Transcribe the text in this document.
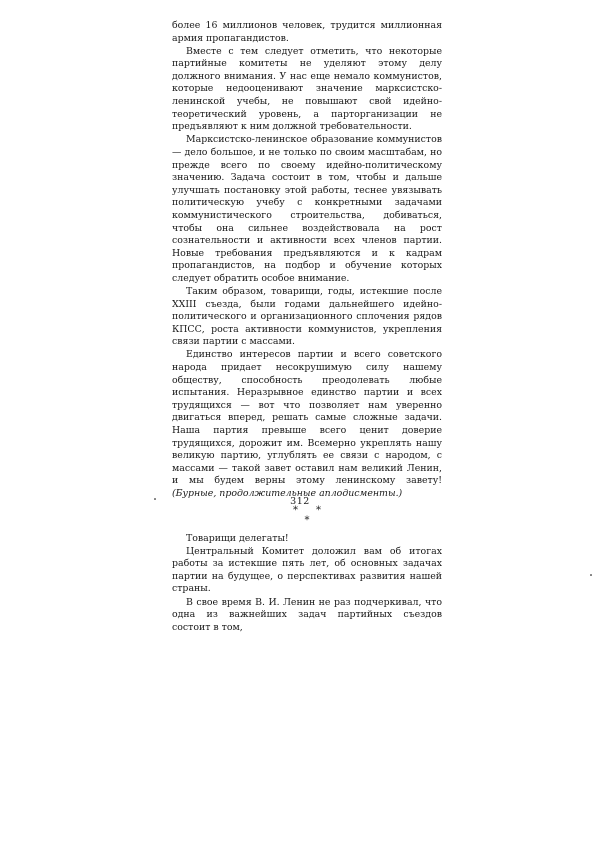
более 16 миллионов человек, трудится миллионная армия пропагандистов.

Вместе с тем следует отметить, что некоторые партийные комитеты не уделяют этому делу должного внимания. У нас еще немало коммунистов, которые недооценивают значение марксистско-ленинской учебы, не повышают свой идейно-теоретический уровень, а парторганизации не предъявляют к ним должной требовательности.

Марксистско-ленинское образование коммунистов — дело большое, и не только по своим масштабам, но прежде всего по своему идейно-политическому значению. Задача состоит в том, чтобы и дальше улучшать постановку этой работы, теснее увязывать политическую учебу с конкретными задачами коммунистического строительства, добиваться, чтобы она сильнее воздействовала на рост сознательности и активности всех членов партии. Новые требования предъявляются и к кадрам пропагандистов, на подбор и обучение которых следует обратить особое внимание.

Таким образом, товарищи, годы, истекшие после XXIII съезда, были годами дальнейшего идейно-политического и организационного сплочения рядов КПСС, роста активности коммунистов, укрепления связи партии с массами.

Единство интересов партии и всего советского народа придает несокрушимую силу нашему обществу, способность преодолевать любые испытания. Неразрывное единство партии и всех трудящихся — вот что позволяет нам уверенно двигаться вперед, решать самые сложные задачи. Наша партия превыше всего ценит доверие трудящихся, дорожит им. Всемерно укреплять нашу великую партию, углублять ее связи с народом, с массами — такой завет оставил нам великий Ленин, и мы будем верны этому ленинскому завету! (Бурные, продолжительные аплодисменты.)

* *
*

Товарищи делегаты!

Центральный Комитет доложил вам об итогах работы за истекшие пять лет, об основных задачах партии на будущее, о перспективах развития нашей страны.

В свое время В. И. Ленин не раз подчеркивал, что одна из важнейших задач партийных съездов состоит в том,

312
